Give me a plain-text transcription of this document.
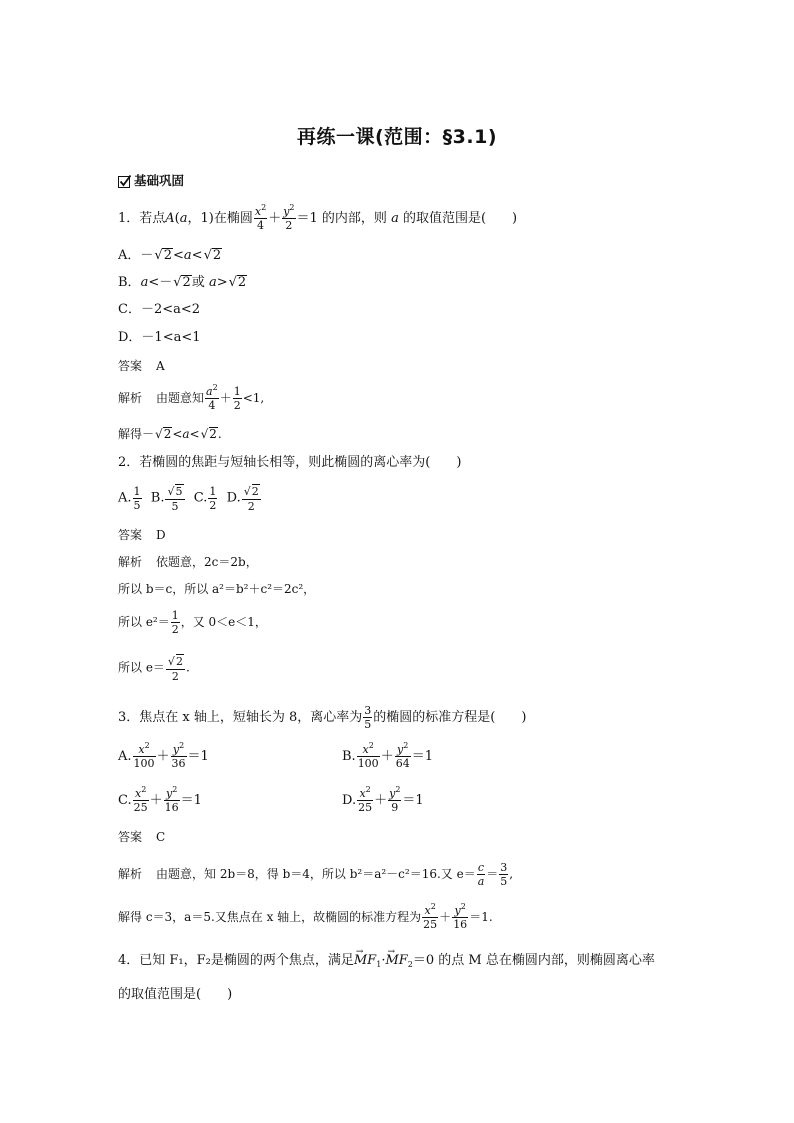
再练一课(范围：§3.1)
基础巩固
1．若点A(a，1)在椭圆 $\frac{x^2}{4} + \frac{y^2}{2} =1$ 的内部，则 a 的取值范围是(　　)
A．－ √ 2<a< √ 2
B．a<－ √ 2或 a> √ 2
C．－2<a<2
D．－1<a<1
答案 A
解析 由题意知 $\frac{a^2}{4} + \frac{1}{2} <1$,
解得－ √ 2<a< √ 2.
2．若椭圆的焦距与短轴长相等，则此椭圆的离心率为(　　)
A. $\frac{1}{5} B$. √ $\frac{5}{5} C$. $\frac{1}{2} D$. √ $\frac{2}{2}$
答案 D
解析 依题意，2c＝2b，
所以 b＝c，所以 a²＝b²＋c²＝2c²，
所以 $e^2= \frac{1}{2}$ ，又 0＜e＜1，
所以 e＝ √ $\frac{2}{2}$ .
3．焦点在 x 轴上，短轴长为 8，离心率为 $\frac{3}{5}$ 的椭圆的标准方程是(　　)
A. $\frac{x^2}{100} + \frac{y^2}{36} =1$	B. $\frac{x^2}{100} + \frac{y^2}{64} =1$
C. $\frac{x^2}{25} + \frac{y^2}{16} =1$	D. $\frac{x^2}{25} + \frac{y^2}{9} =1$
答案 C
解析 由题意，知 2b＝8，得 b＝4，所以 b²＝a²－c²＝16.又 $e= \frac{c}{a} = \frac{3}{5}$ ,
解得 c＝3，a＝5.又焦点在 x 轴上，故椭圆的标准方程为 $\frac{x^2}{25} + \frac{y^2}{16} =1$.
4．已知 F₁，F₂是椭圆的两个焦点，满足→ $MF_1\cdot\to MF_2=0$ 的点 M 总在椭圆内部，则椭圆离心率
的取值范围是(　　)
